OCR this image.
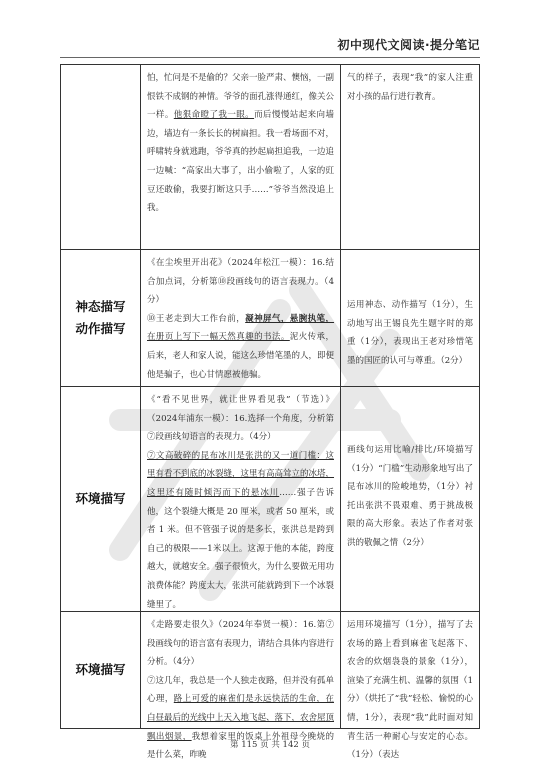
初中现代文阅读·提分笔记

怕，忙问是不是偷的？父亲一脸严肃、懊恼，一副恨铁不成钢的神情。爷爷的面孔涨得通红，像关公一样。他狠命瞪了我一眼。而后慢慢站起来向墙边，墙边有一条长长的树扁担。我一看场面不对，呼啸转身就逃跑，爷爷真的抄起扁担追我，一边追一边喊：“高家出大事了，出小偷啦了，人家的豇豆还敢偷，我要打断这只手……”爷爷当然没追上我。

气的样子，表现“我”的家人注重对小孩的品行进行教育。
神态描写
动作描写

《在尘埃里开出花》（2024年松江一模）：16.结合加点词，分析第⑩段画线句的语言表现力。（4分）

⑩王老走到大工作台前，凝神屏气，悬腕执笔，在册页上写下一幅天然真趣的书法。泥火传承，后来，老人和家人说，能这么珍惜笔墨的人，即便他是骗子，也心甘情愿被他骗。

运用神态、动作描写（1分），生动地写出王锡良先生题字时的郑重（1分），表现出王老对珍惜笔墨的国匠的认可与尊重。（2分）
环境描写

《“看不见世界，就让世界看见我”（节选）》（2024年浦东一模）：16.选择一个角度，分析第⑦段画线句语言的表现力。（4分）

⑦文高破碎的昆布冰川是张洪的又一道门槛：这里有看不到底的冰裂缝，这里有高高耸立的冰塔，这里还有随时倾泻而下的悬冰川……强子告诉他，这个裂缝大概是 20 厘米，或者 50 厘米，或者 1 米。但不管强子说的是多长，张洪总是跨到自己的极限——1米以上。这源于他的本能，跨度越大，就越安全。强子很愤火，为什么要做无用功浪费体能？跨度太大，张洪可能就跨到下一个冰裂缝里了。

画线句运用比喻/排比/环境描写（1分）“门槛”生动形象地写出了昆布冰川的险峻地势，（1分）衬托出张洪不畏艰难、勇于挑战极限的高大形象。表达了作者对张洪的敬佩之情（2分）
环境描写

《走路要走很久》（2024年奉贤一模）：16.第⑦段画线句的语言富有表现力，请结合具体内容进行分析。（4分）

⑦这几年，我总是一个人独走夜路，但并没有孤单心理，路上可爱的麻雀们是永远快活的生命，在白昼最后的光线中上天入地飞起、落下，农舍屋顶飘出烟景，我想着家里的饭桌上外祖母今晚烧的是什么菜，昨晚

运用环境描写（1分），描写了去农场的路上看到麻雀飞起落下、农舍的炊烟袅袅的景象（1分），渲染了充满生机、温馨的氛围（1分）（烘托了“我”轻松、愉悦的心情，1分），表现“我”此时面对知青生活一种耐心与安定的心态。（1分）（表达
第 115 页 共 142 页
